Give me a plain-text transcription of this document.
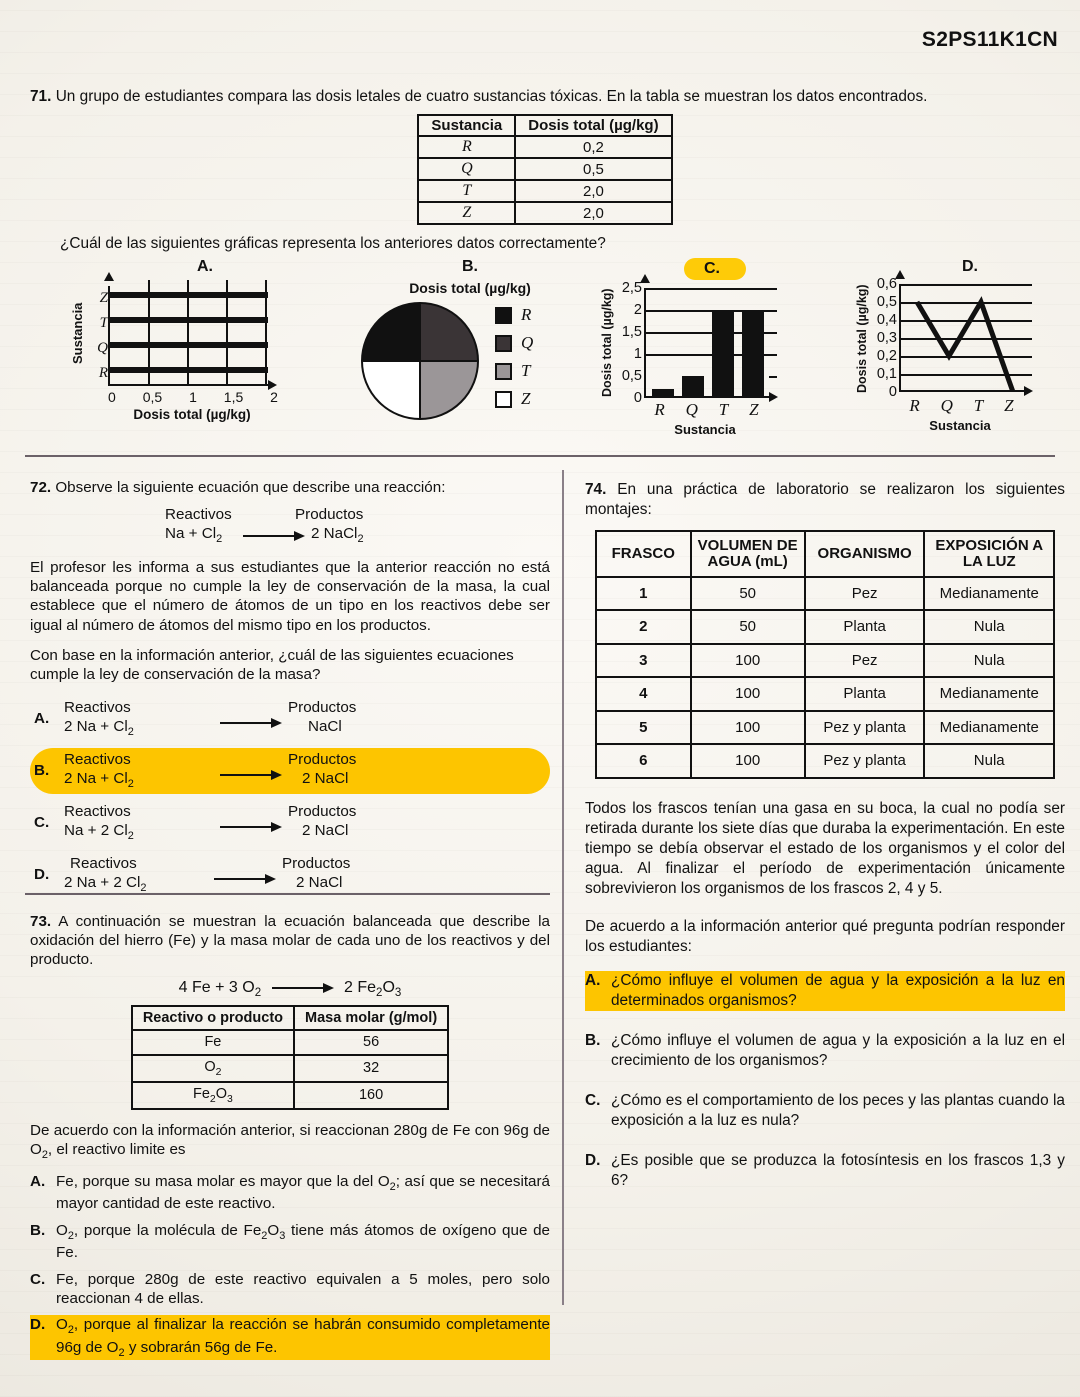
S2PS11K1CN
71. Un grupo de estudiantes compara las dosis letales de cuatro sustancias tóxicas. En la tabla se muestran los datos encontrados.
Sustancia	Dosis total (µg/kg)
R	0,2
Q	0,5
T	2,0
Z	2,0
¿Cuál de las siguientes gráficas representa los anteriores datos correctamente?
A.
Sustancia
Z
T
Q
R
0 0,5 1 1,5 2
Dosis total (µg/kg)
B.
Dosis total (µg/kg)
R
Q
T
Z
C.
Dosis total (µg/kg)
2,5
2
1,5
1
0,5
0
R Q T Z
Sustancia
D.
Dosis total (µg/kg)
0,6
0,5
0,4
0,3
0,2
0,1
0
R Q T Z
Sustancia
72. Observe la siguiente ecuación que describe una reacción:
Reactivos	Productos
$Na + Cl_2$	2 NaCl$_2$
El profesor les informa a sus estudiantes que la anterior reacción no está balanceada porque no cumple la ley de conservación de la masa, la cual establece que el número de átomos de un tipo en los reactivos debe ser igual al número de átomos del mismo tipo en los productos.
Con base en la información anterior, ¿cuál de las siguientes ecuaciones cumple la ley de conservación de la masa?
A.
Reactivos
2 $Na + Cl_2$
Productos
NaCl
B.
Reactivos
2 $Na + Cl_2$
Productos
2 NaCl
C.
Reactivos
Na + 2 $Cl_2$
Productos
2 NaCl
D.
Reactivos
2 Na + 2 $Cl_2$
Productos
2 NaCl
73. A continuación se muestran la ecuación balanceada que describe la oxidación del hierro (Fe) y la masa molar de cada uno de los reactivos y del producto.
4 Fe + 3 $O_2$	2 $Fe_2O_3$
Reactivo o producto	Masa molar (g/mol)
Fe	56
$O_2$	32
$Fe_2O_3$	160
De acuerdo con la información anterior, si reaccionan 280g de Fe con 96g de $O_2$, el reactivo limite es
A. Fe, porque su masa molar es mayor que la del $O_2$; así que se necesitará mayor cantidad de este reactivo.
B. $O_2$, porque la molécula de $Fe_2O_3$ tiene más átomos de oxígeno que de Fe.
C. Fe, porque 280g de este reactivo equivalen a 5 moles, pero solo reaccionan 4 de ellas.
D. $O_2$, porque al finalizar la reacción se habrán consumido completamente 96g de $O_2$ y sobrarán 56g de Fe.
74. En una práctica de laboratorio se realizaron los siguientes montajes:
FRASCO	VOLUMEN DE AGUA (mL)	ORGANISMO	EXPOSICIÓN A LA LUZ
1	50	Pez	Medianamente
2	50	Planta	Nula
3	100	Pez	Nula
4	100	Planta	Medianamente
5	100	Pez y planta	Medianamente
6	100	Pez y planta	Nula
Todos los frascos tenían una gasa en su boca, la cual no podía ser retirada durante los siete días que duraba la experimentación. En este tiempo se debía observar el estado de los organismos y el color del agua. Al finalizar el período de experimentación únicamente sobrevivieron los organismos de los frascos 2, 4 y 5.
De acuerdo a la información anterior qué pregunta podrían responder los estudiantes:
A. ¿Cómo influye el volumen de agua y la exposición a la luz en determinados organismos?
B. ¿Cómo influye el volumen de agua y la exposición a la luz en el crecimiento de los organismos?
C. ¿Cómo es el comportamiento de los peces y las plantas cuando la exposición a la luz es nula?
D. ¿Es posible que se produzca la fotosíntesis en los frascos 1,3 y 6?
